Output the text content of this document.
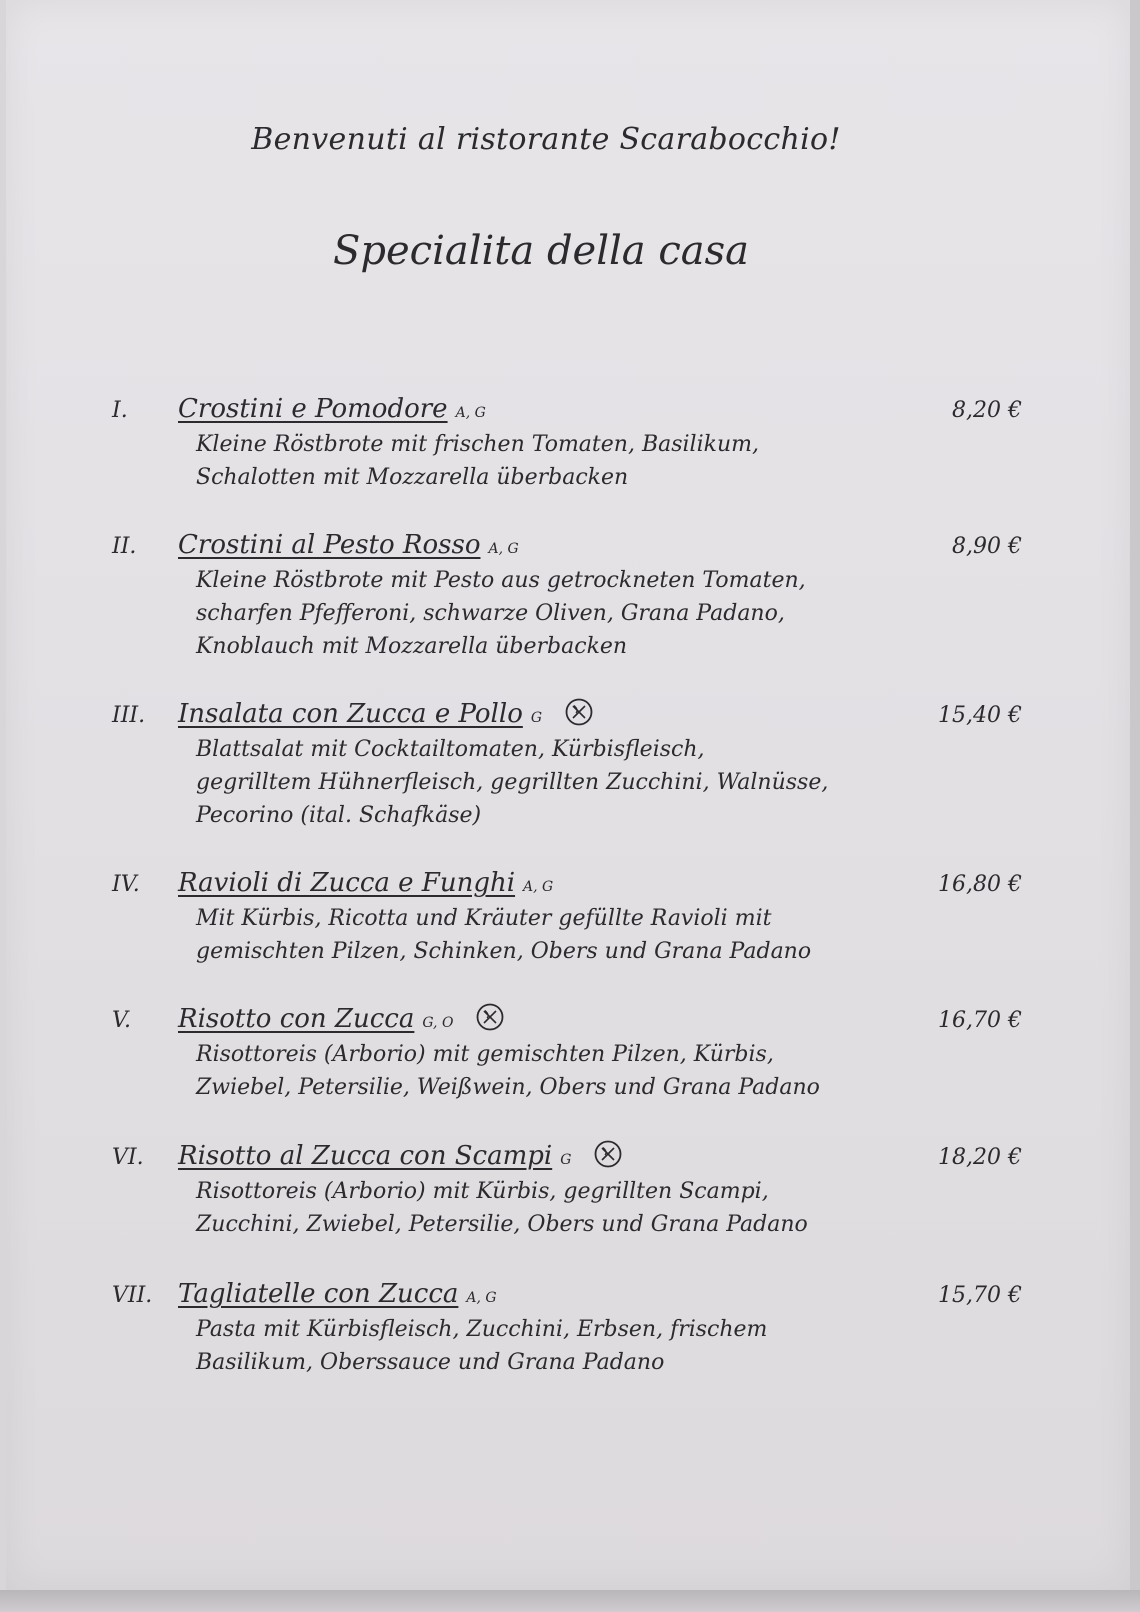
Benvenuti al ristorante Scarabocchio!
Specialita della casa
I. Crostini e Pomodore A, G	8,20 €
Kleine Röstbrote mit frischen Tomaten, Basilikum,
Schalotten mit Mozzarella überbacken
II. Crostini al Pesto Rosso A, G	8,90 €
Kleine Röstbrote mit Pesto aus getrockneten Tomaten,
scharfen Pfefferoni, schwarze Oliven, Grana Padano,
Knoblauch mit Mozzarella überbacken
III. Insalata con Zucca e Pollo G	15,40 €
Blattsalat mit Cocktailtomaten, Kürbisfleisch,
gegrilltem Hühnerfleisch, gegrillten Zucchini, Walnüsse,
Pecorino (ital. Schafkäse)
IV. Ravioli di Zucca e Funghi A, G	16,80 €
Mit Kürbis, Ricotta und Kräuter gefüllte Ravioli mit
gemischten Pilzen, Schinken, Obers und Grana Padano
V. Risotto con Zucca G, O	16,70 €
Risottoreis (Arborio) mit gemischten Pilzen, Kürbis,
Zwiebel, Petersilie, Weißwein, Obers und Grana Padano
VI. Risotto al Zucca con Scampi G	18,20 €
Risottoreis (Arborio) mit Kürbis, gegrillten Scampi,
Zucchini, Zwiebel, Petersilie, Obers und Grana Padano
VII. Tagliatelle con Zucca A, G	15,70 €
Pasta mit Kürbisfleisch, Zucchini, Erbsen, frischem
Basilikum, Oberssauce und Grana Padano
